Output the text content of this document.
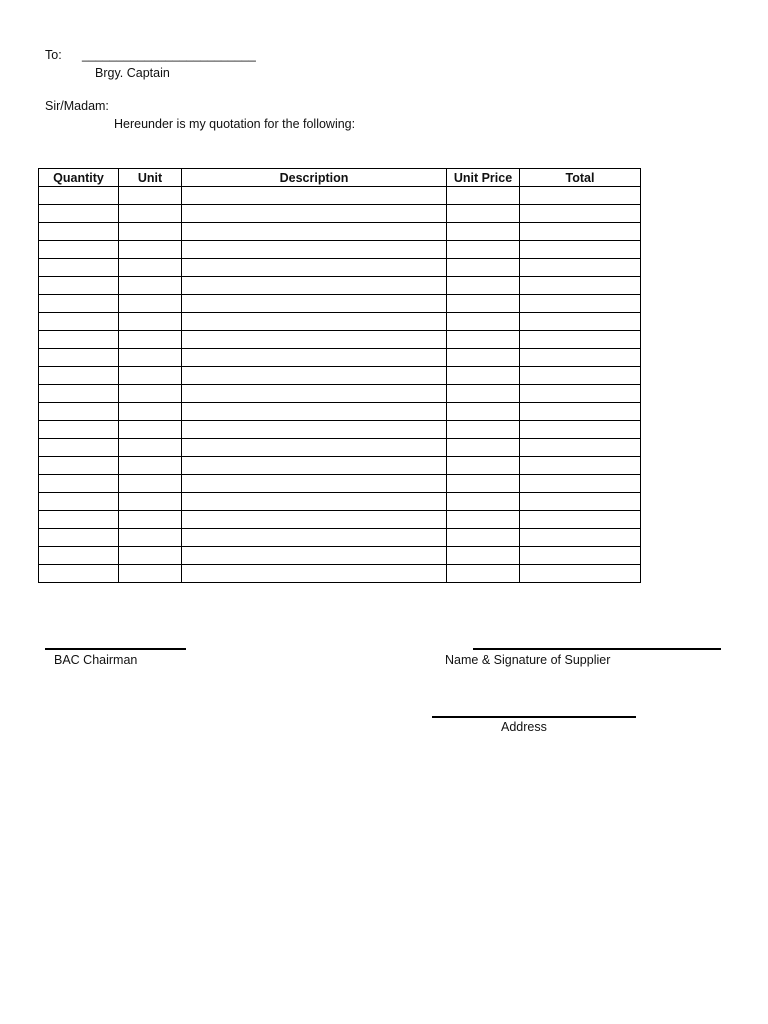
To: _________________________
Brgy. Captain
Sir/Madam:
Hereunder is my quotation for the following:
Quantity	Unit	Description	Unit Price	Total

BAC Chairman	Name & Signature of Supplier
Address
